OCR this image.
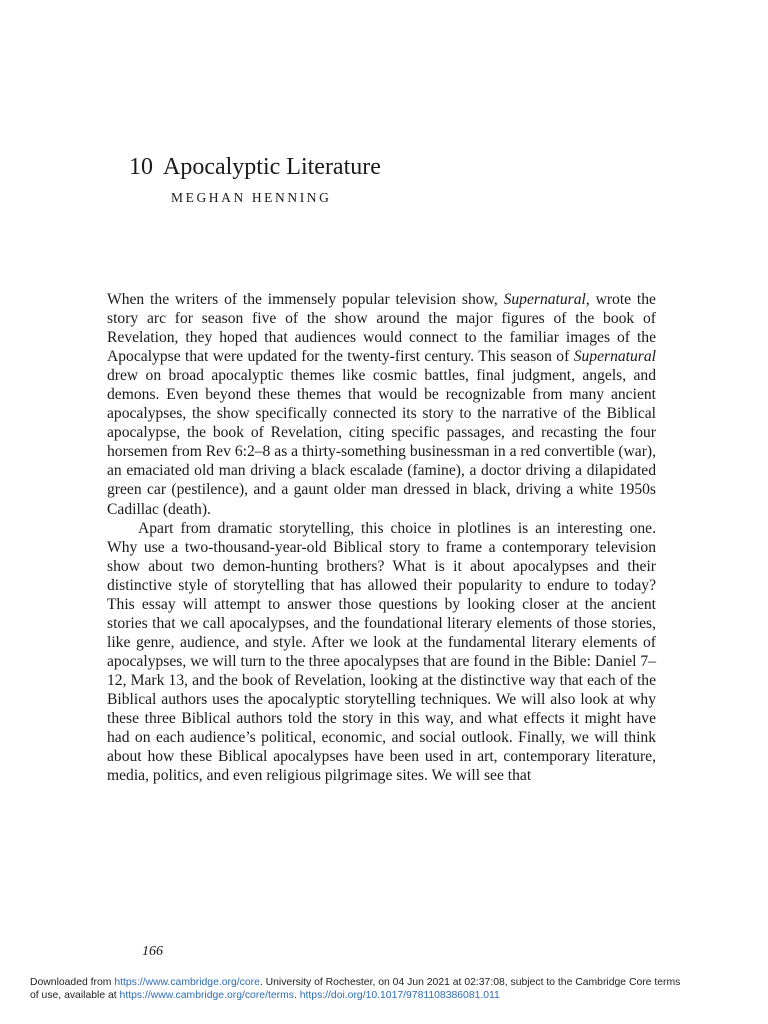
10 Apocalyptic Literature
MEGHAN HENNING

When the writers of the immensely popular television show, Supernatural, wrote the story arc for season five of the show around the major figures of the book of Revelation, they hoped that audiences would connect to the familiar images of the Apocalypse that were updated for the twenty-first century. This season of Supernatural drew on broad apocalyptic themes like cosmic battles, final judgment, angels, and demons. Even beyond these themes that would be recognizable from many ancient apocalypses, the show specifically connected its story to the narrative of the Biblical apocalypse, the book of Revelation, citing specific passages, and recasting the four horsemen from Rev 6:2–8 as a thirty-something businessman in a red convertible (war), an emaciated old man driving a black escalade (famine), a doctor driving a dilapidated green car (pestilence), and a gaunt older man dressed in black, driving a white 1950s Cadillac (death).

Apart from dramatic storytelling, this choice in plotlines is an interesting one. Why use a two-thousand-year-old Biblical story to frame a contemporary television show about two demon-hunting brothers? What is it about apocalypses and their distinctive style of storytelling that has allowed their popularity to endure to today? This essay will attempt to answer those questions by looking closer at the ancient stories that we call apocalypses, and the foundational literary elements of those stories, like genre, audience, and style. After we look at the fundamental literary elements of apocalypses, we will turn to the three apocalypses that are found in the Bible: Daniel 7–12, Mark 13, and the book of Revelation, looking at the distinctive way that each of the Biblical authors uses the apocalyptic storytelling techniques. We will also look at why these three Biblical authors told the story in this way, and what effects it might have had on each audience’s political, economic, and social outlook. Finally, we will think about how these Biblical apocalypses have been used in art, contemporary literature, media, politics, and even religious pilgrimage sites. We will see that

166
Downloaded from https://www.cambridge.org/core. University of Rochester, on 04 Jun 2021 at 02:37:08, subject to the Cambridge Core terms
of use, available at https://www.cambridge.org/core/terms. https://doi.org/10.1017/9781108386081.011
